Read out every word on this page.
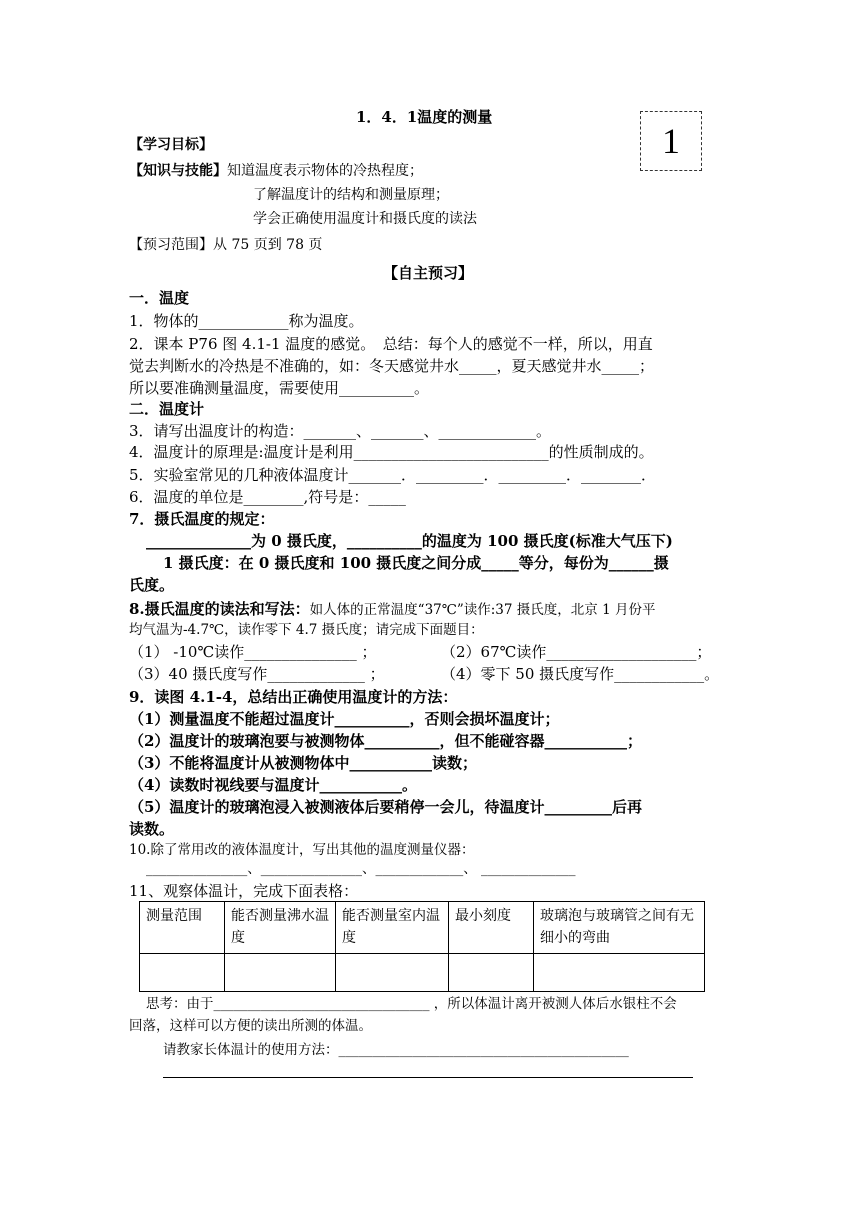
1．4．1温度的测量
1
【学习目标】
【知识与技能】知道温度表示物体的冷热程度；
了解温度计的结构和测量原理；
学会正确使用温度计和摄氏度的读法
【预习范围】从 75 页到 78 页
【自主预习】
一．温度
1．物体的____________称为温度。
2．课本 P76 图 4.1-1 温度的感觉。　总结：每个人的感觉不一样，所以，用直
觉去判断水的冷热是不准确的，如：冬天感觉井水_____，夏天感觉井水_____；
所以要准确测量温度，需要使用__________。
二．温度计
3．请写出温度计的构造：_______、_______、_____________。
4．温度计的原理是:温度计是利用__________________________的性质制成的。
5．实验室常见的几种液体温度计_______．_________．_________．________．
6．温度的单位是________,符号是：_____
7．摄氏温度的规定：
______________为 0 摄氏度，__________的温度为 100 摄氏度(标准大气压下)
1 摄氏度：在 0 摄氏度和 100 摄氏度之间分成_____等分，每份为______摄
氏度。
8.摄氏温度的读法和写法：如人体的正常温度“37℃”读作:37 摄氏度，北京 1 月份平
均气温为-4.7℃，读作零下 4.7 摄氏度；请完成下面题目：
（1） -10℃读作_______________ ；	（2）67℃读作____________________；
（3）40 摄氏度写作_____________ ；	（4）零下 50 摄氏度写作____________。
9．读图 4.1-4，总结出正确使用温度计的方法：
（1）测量温度不能超过温度计__________，否则会损坏温度计；
（2）温度计的玻璃泡要与被测物体__________，但不能碰容器___________；
（3）不能将温度计从被测物体中___________读数；
（4）读数时视线要与温度计___________。
（5）温度计的玻璃泡浸入被测液体后要稍停一会儿，待温度计_________后再
读数。
10.除了常用改的液体温度计，写出其他的温度测量仪器：
_______________、_______________、_____________、 ______________
11、观察体温计，完成下面表格：
测量范围	能否测量沸水温度	能否测量室内温度	最小刻度	玻璃泡与玻璃管之间有无细小的弯曲

思考：由于________________________________ ，所以体温计离开被测人体后水银柱不会
回落，这样可以方便的读出所测的体温。
请教家长体温计的使用方法：___________________________________________
